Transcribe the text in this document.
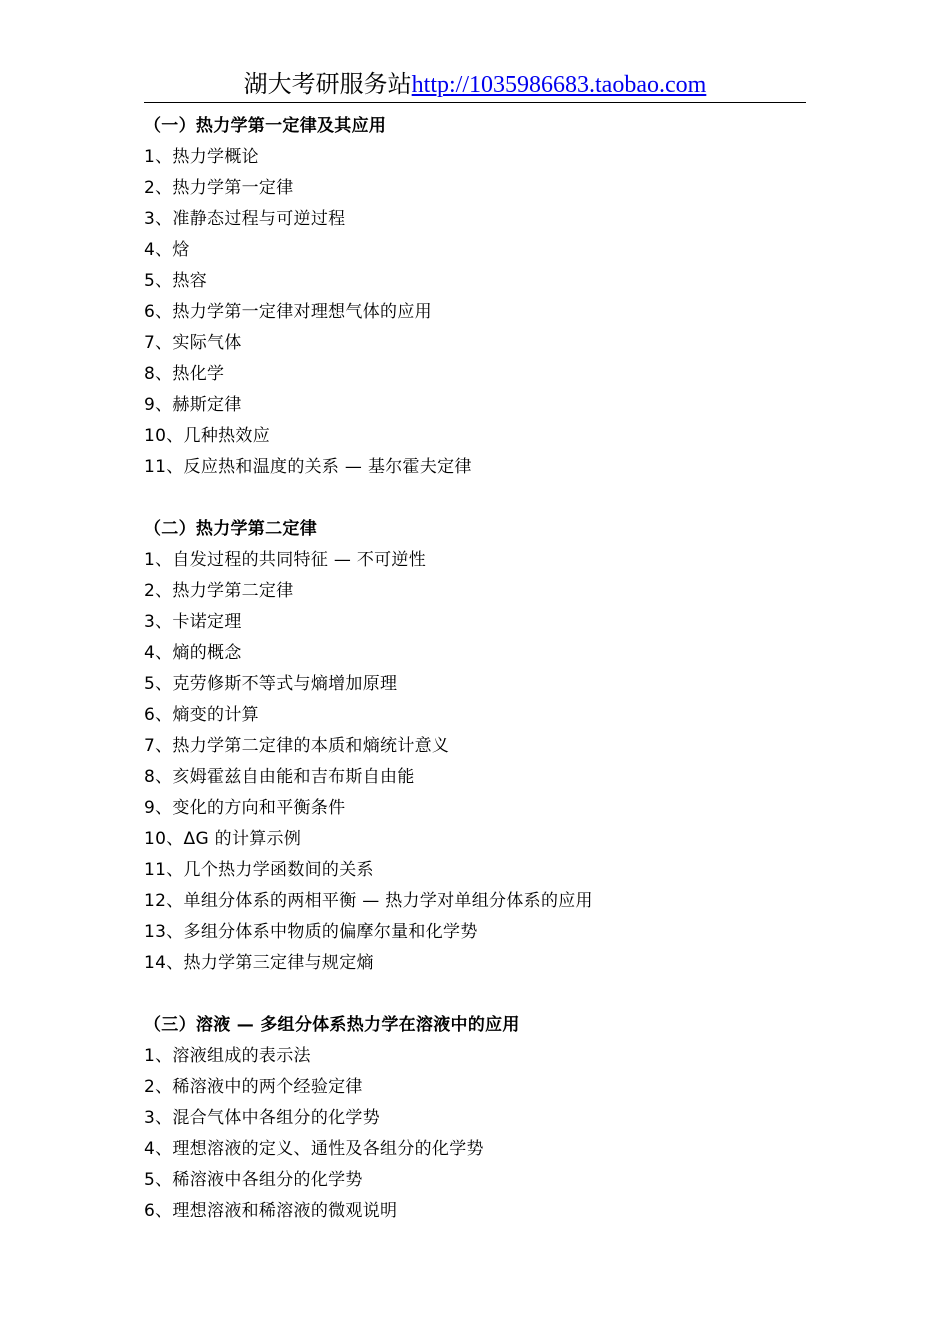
湖大考研服务站http://1035986683.taobao.com
（一）热力学第一定律及其应用
1、热力学概论
2、热力学第一定律
3、准静态过程与可逆过程
4、焓
5、热容
6、热力学第一定律对理想气体的应用
7、实际气体
8、热化学
9、赫斯定律
10、几种热效应
11、反应热和温度的关系 — 基尔霍夫定律
（二）热力学第二定律
1、自发过程的共同特征 — 不可逆性
2、热力学第二定律
3、卡诺定理
4、熵的概念
5、克劳修斯不等式与熵增加原理
6、熵变的计算
7、热力学第二定律的本质和熵统计意义
8、亥姆霍兹自由能和吉布斯自由能
9、变化的方向和平衡条件
10、ΔG 的计算示例
11、几个热力学函数间的关系
12、单组分体系的两相平衡 — 热力学对单组分体系的应用
13、多组分体系中物质的偏摩尔量和化学势
14、热力学第三定律与规定熵
（三）溶液 — 多组分体系热力学在溶液中的应用
1、溶液组成的表示法
2、稀溶液中的两个经验定律
3、混合气体中各组分的化学势
4、理想溶液的定义、通性及各组分的化学势
5、稀溶液中各组分的化学势
6、理想溶液和稀溶液的微观说明
